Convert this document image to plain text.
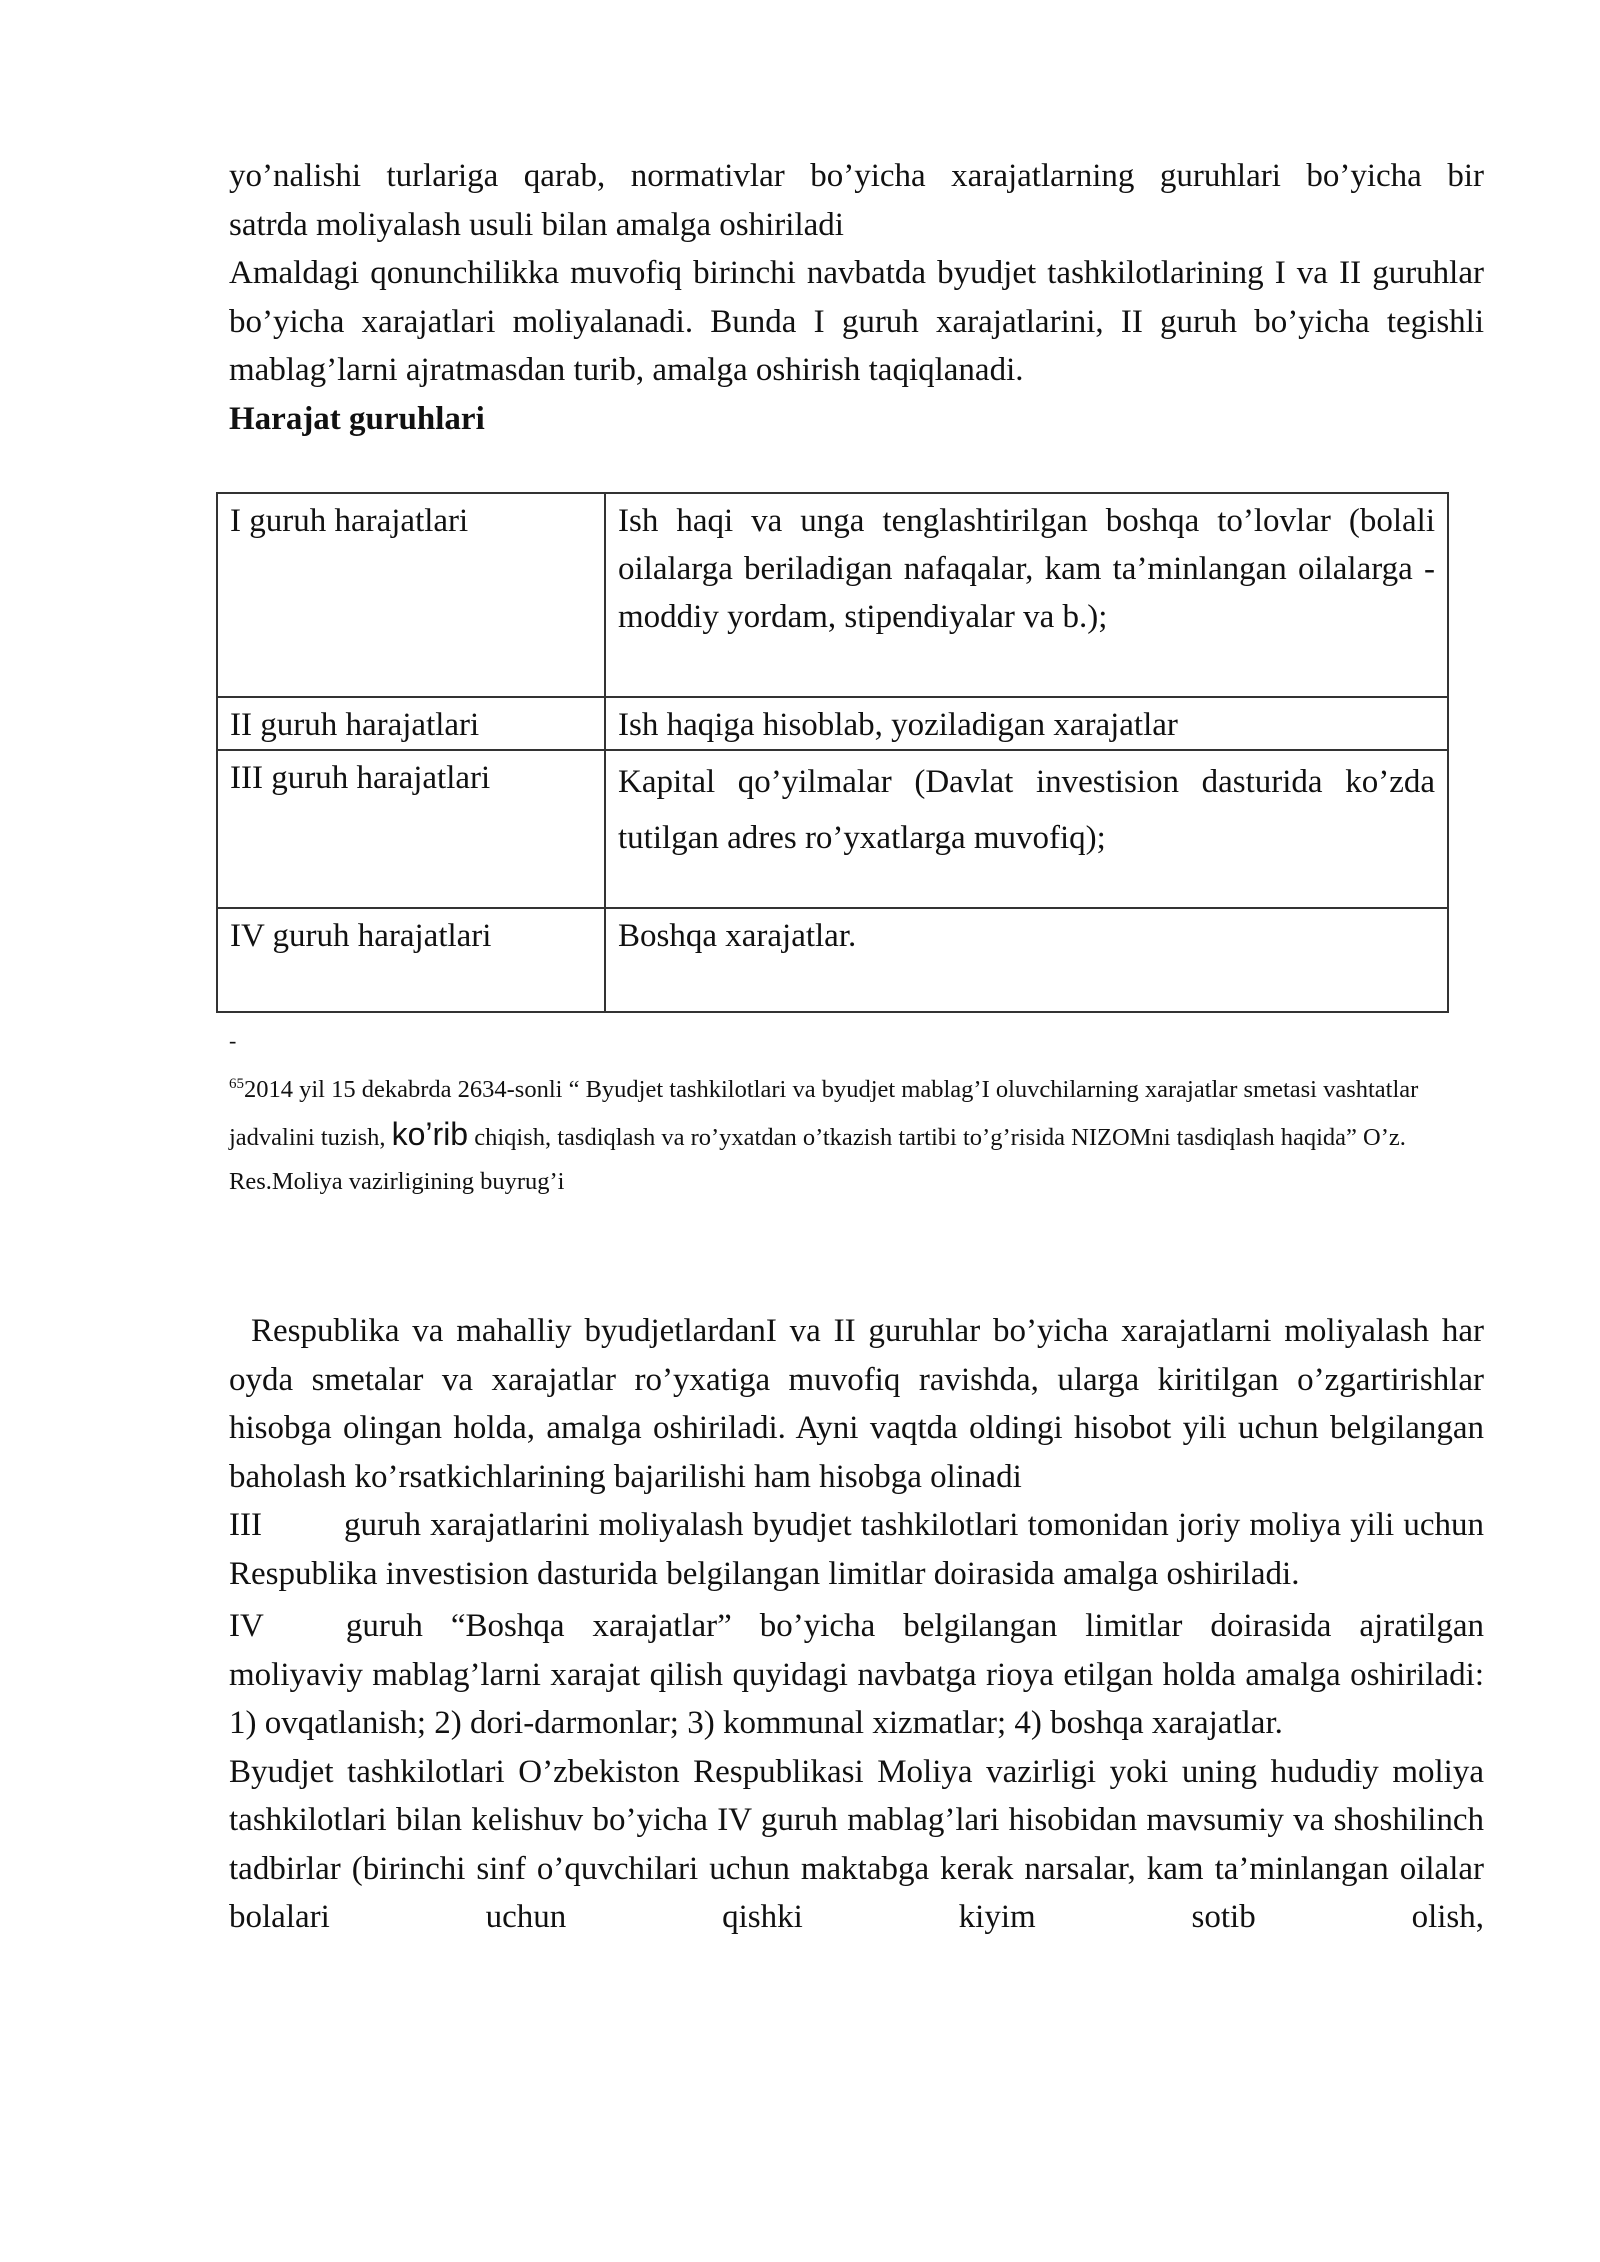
yo’nalishi turlariga qarab, normativlar bo’yicha xarajatlarning guruhlari bo’yicha bir
satrda moliyalash usuli bilan amalga oshiriladi

Amaldagi qonunchilikka muvofiq birinchi navbatda byudjet tashkilotlarining I va II guruhlar bo’yicha xarajatlari moliyalanadi. Bunda I guruh xarajatlarini, II guruh bo’yicha tegishli mablag’larni ajratmasdan turib, amalga oshirish taqiqlanadi.

Harajat guruhlari

I guruh harajatlari	Ish haqi va unga tenglashtirilgan boshqa to’lovlar (bolali oilalarga beriladigan nafaqalar, kam ta’minlangan oilalarga - moddiy yordam, stipendiyalar va b.);
II guruh harajatlari	Ish haqiga hisoblab, yoziladigan xarajatlar
III guruh harajatlari	Kapital qo’yilmalar (Davlat investision dasturida ko’zda tutilgan adres ro’yxatlarga muvofiq);
IV guruh harajatlari	Boshqa xarajatlar.
-
$^{65}$2014 yil 15 dekabrda 2634-sonli “ Byudjet tashkilotlari va byudjet mablag’I oluvchilarning xarajatlar smetasi vashtatlar jadvalini tuzish, ko’rib chiqish, tasdiqlash va ro’yxatdan o’tkazish tartibi to’g’risida NIZOMni tasdiqlash haqida” O’z. Res.Moliya vazirligining buyrug’i

Respublika va mahalliy byudjetlardanI va II guruhlar bo’yicha xarajatlarni moliyalash har oyda smetalar va xarajatlar ro’yxatiga muvofiq ravishda, ularga kiritilgan o’zgartirishlar hisobga olingan holda, amalga oshiriladi. Ayni vaqtda oldingi hisobot yili uchun belgilangan baholash ko’rsatkichlarining bajarilishi ham hisobga olinadi

III guruh xarajatlarini moliyalash byudjet tashkilotlari tomonidan joriy moliya yili uchun Respublika investision dasturida belgilangan limitlar doirasida amalga oshiriladi.

IV guruh “Boshqa xarajatlar” bo’yicha belgilangan limitlar doirasida ajratilgan moliyaviy mablag’larni xarajat qilish quyidagi navbatga rioya etilgan holda amalga oshiriladi: 1) ovqatlanish; 2) dori-darmonlar; 3) kommunal xizmatlar; 4) boshqa xarajatlar.

Byudjet tashkilotlari O’zbekiston Respublikasi Moliya vazirligi yoki uning hududiy moliya tashkilotlari bilan kelishuv bo’yicha IV guruh mablag’lari hisobidan mavsumiy va shoshilinch tadbirlar (birinchi sinf o’quvchilari uchun maktabga kerak narsalar, kam ta’minlangan oilalar bolalari uchun qishki kiyim sotib olish,
